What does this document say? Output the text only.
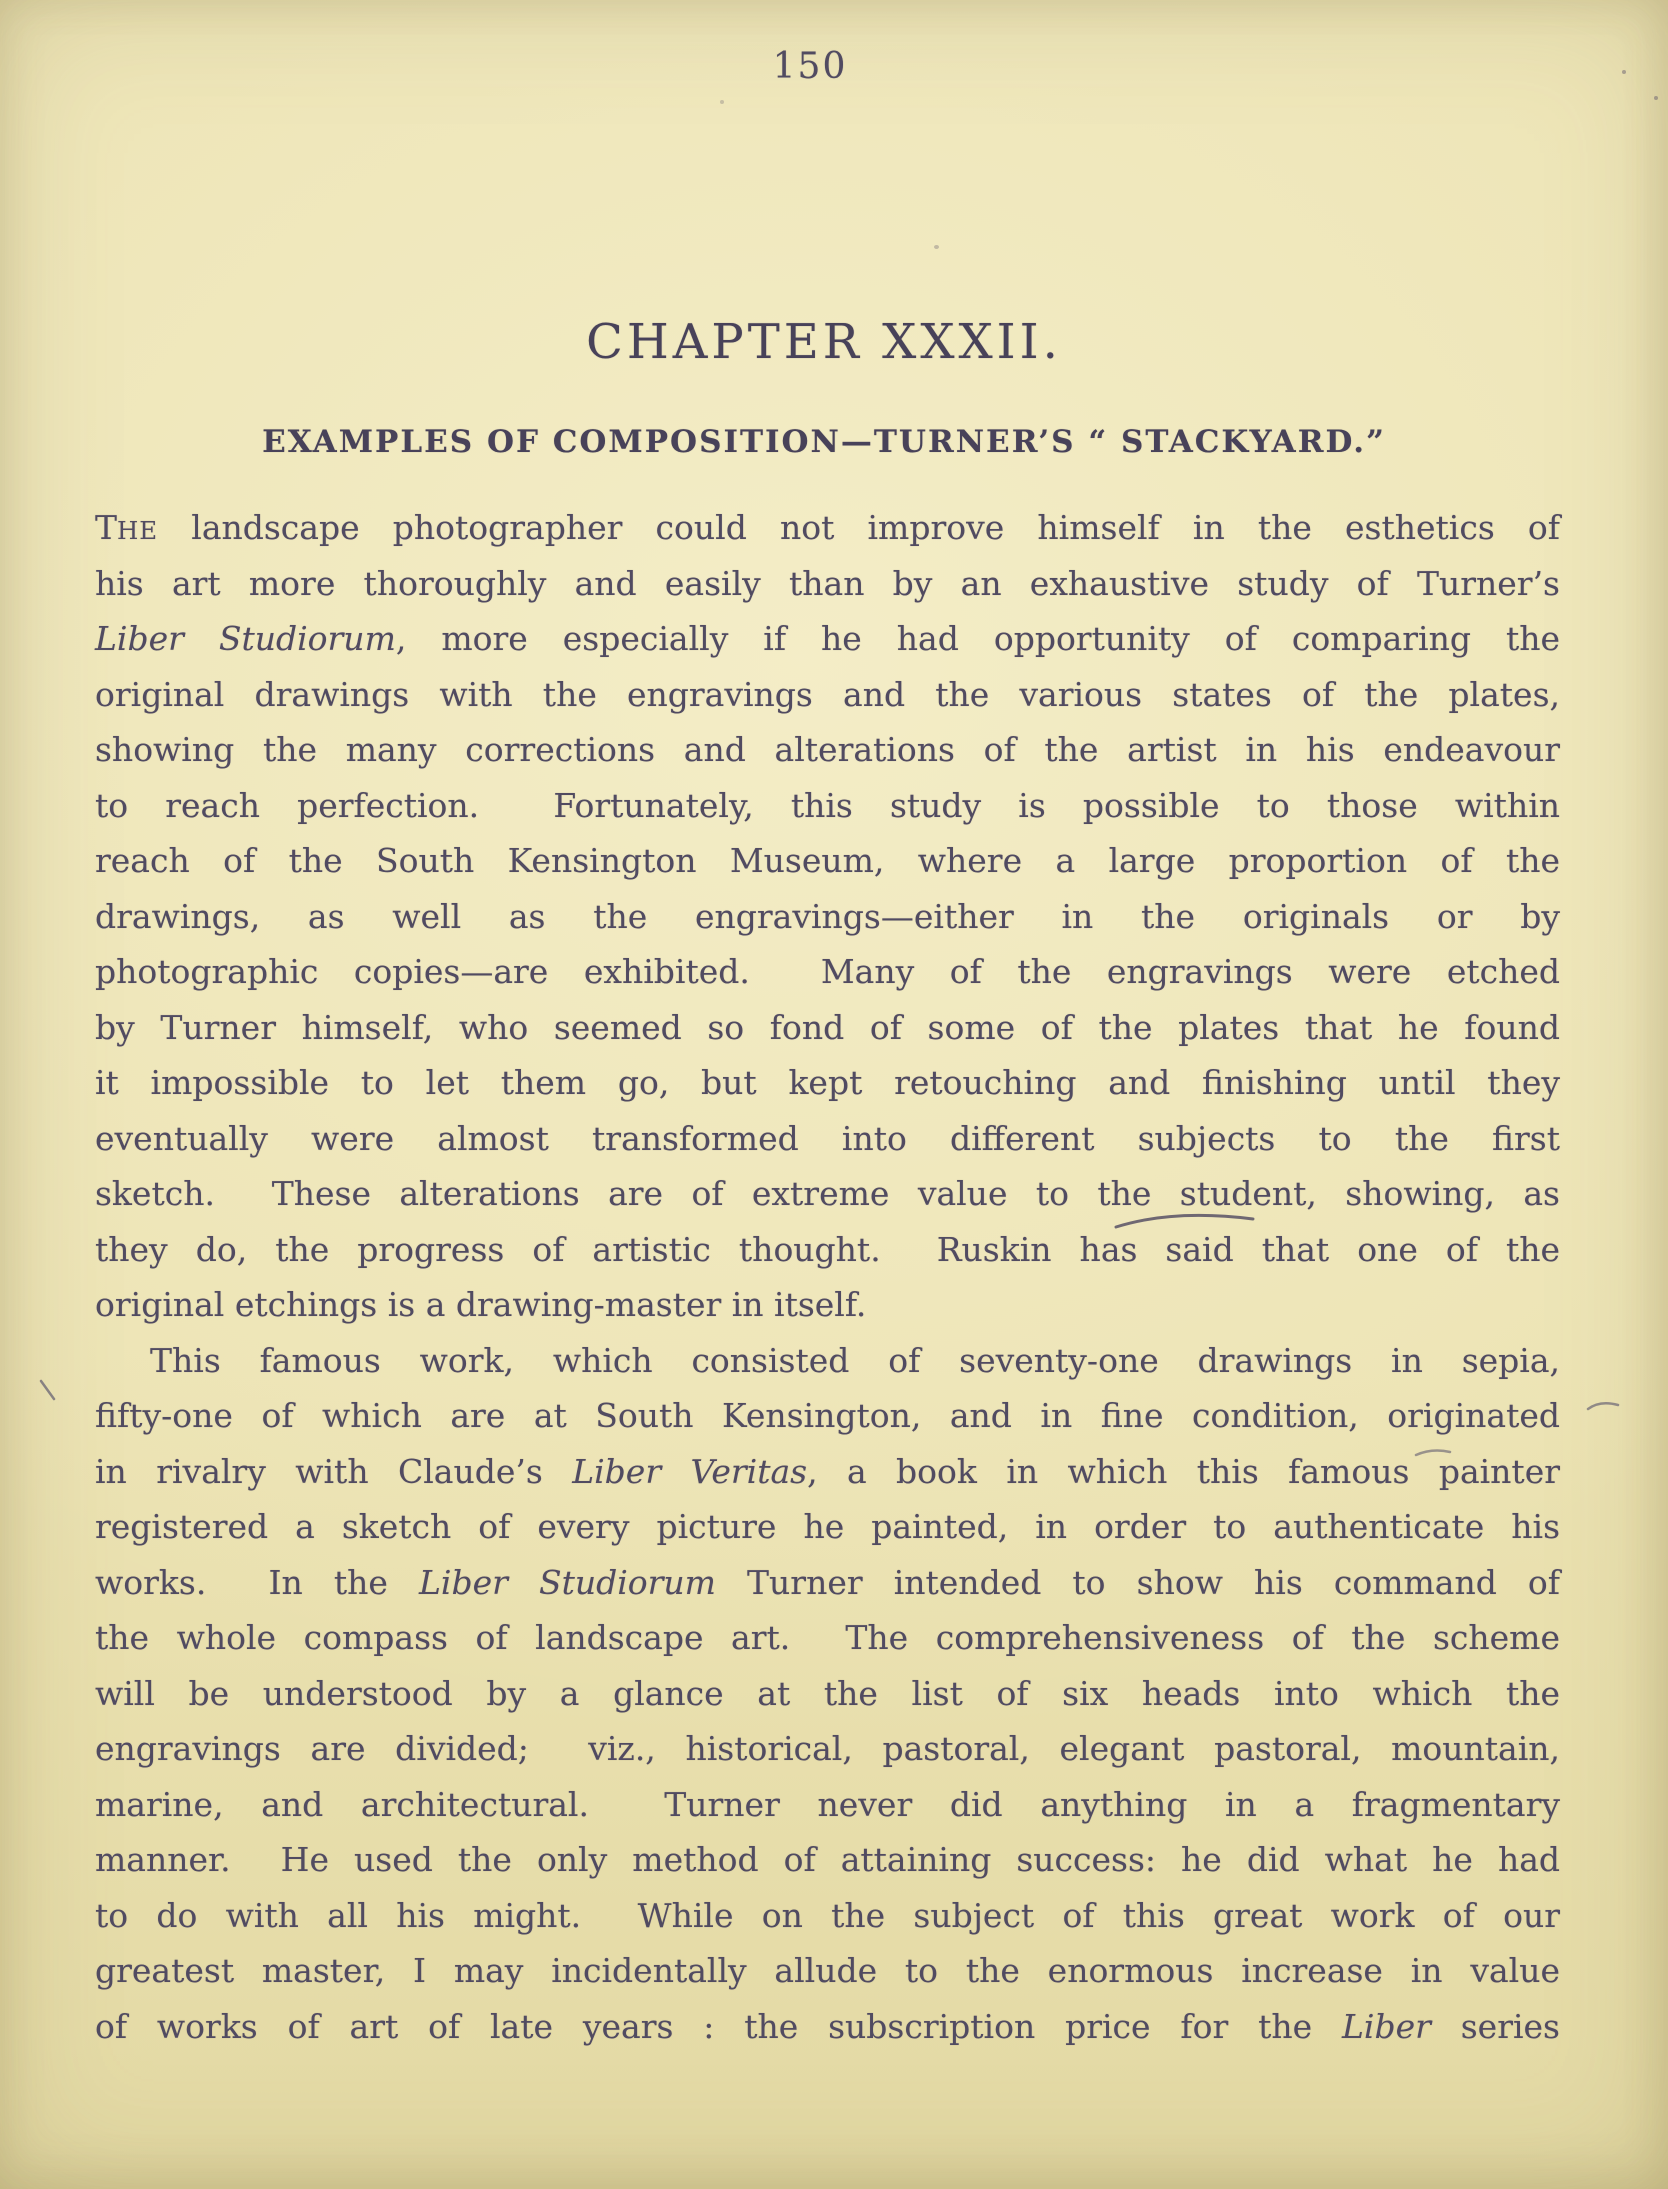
150
CHAPTER XXXII.
EXAMPLES OF COMPOSITION—TURNER’S “ STACKYARD.”
THE landscape photographer could not improve himself in the esthetics of
his art more thoroughly and easily than by an exhaustive study of Turner’s
Liber Studiorum, more especially if he had opportunity of comparing the
original drawings with the engravings and the various states of the plates,
showing the many corrections and alterations of the artist in his endeavour
to reach perfection.  Fortunately, this study is possible to those within
reach of the South Kensington Museum, where a large proportion of the
drawings, as well as the engravings—either in the originals or by
photographic copies—are exhibited.  Many of the engravings were etched
by Turner himself, who seemed so fond of some of the plates that he found
it impossible to let them go, but kept retouching and finishing until they
eventually were almost transformed into different subjects to the first
sketch.  These alterations are of extreme value to the student, showing, as
they do, the progress of artistic thought.  Ruskin has said that one of the
original etchings is a drawing-master in itself.
This famous work, which consisted of seventy-one drawings in sepia,
fifty-one of which are at South Kensington, and in fine condition, originated
in rivalry with Claude’s Liber Veritas, a book in which this famous painter
registered a sketch of every picture he painted, in order to authenticate his
works.  In the Liber Studiorum Turner intended to show his command of
the whole compass of landscape art.  The comprehensiveness of the scheme
will be understood by a glance at the list of six heads into which the
engravings are divided;  viz., historical, pastoral, elegant pastoral, mountain,
marine, and architectural.  Turner never did anything in a fragmentary
manner.  He used the only method of attaining success: he did what he had
to do with all his might.  While on the subject of this great work of our
greatest master, I may incidentally allude to the enormous increase in value
of works of art of late years : the subscription price for the Liber series
